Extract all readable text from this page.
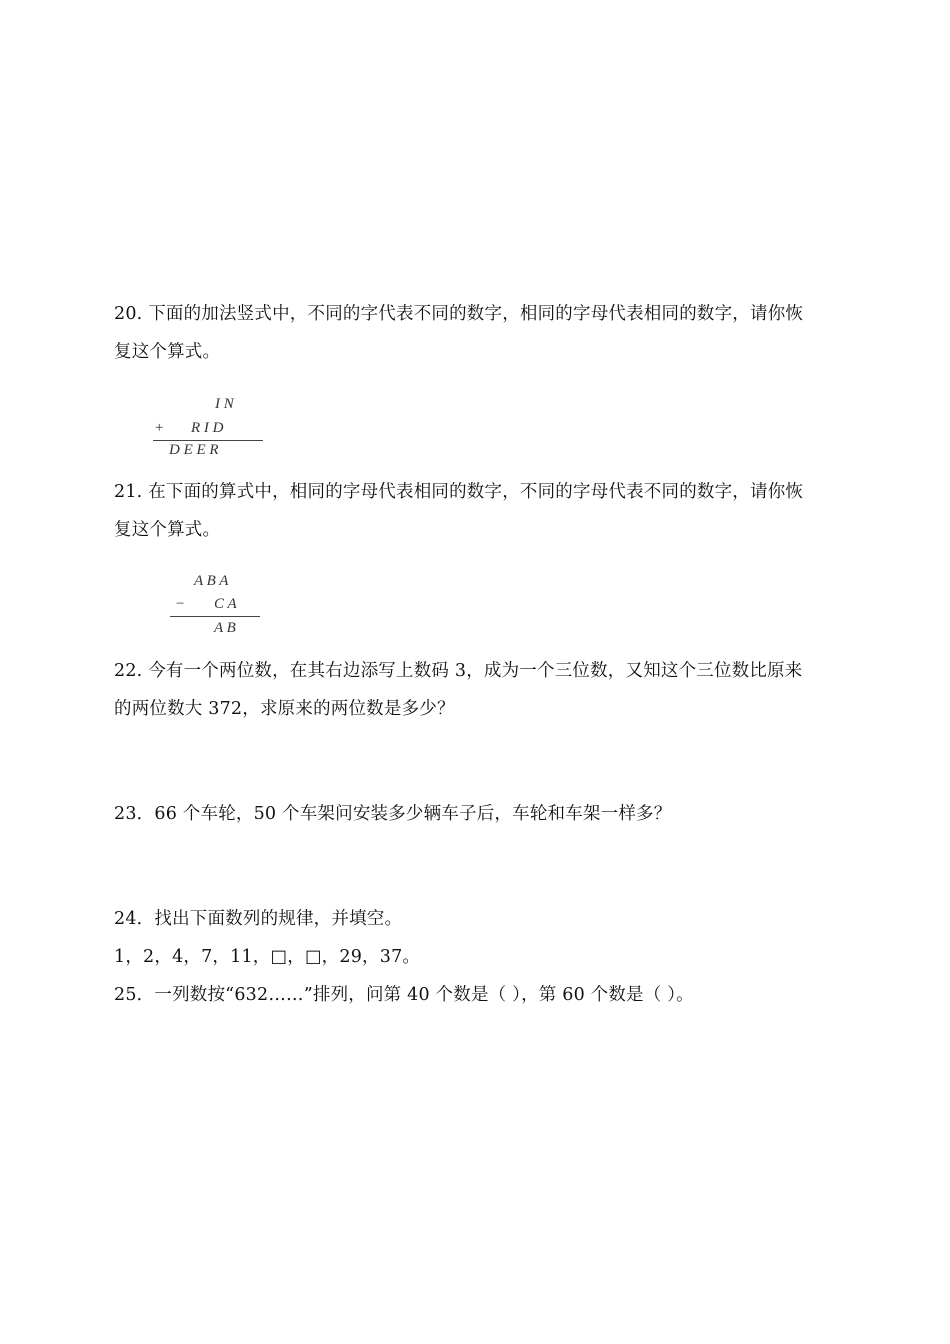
20. 下面的加法竖式中，不同的字代表不同的数字，相同的字母代表相同的数字，请你恢
复这个算式。
I N
+ R I D
D E E R
21. 在下面的算式中，相同的字母代表相同的数字，不同的字母代表不同的数字，请你恢
复这个算式。
A B A
− C A
A B
22. 今有一个两位数，在其右边添写上数码 3，成为一个三位数，又知这个三位数比原来
的两位数大 372，求原来的两位数是多少？
23．66 个车轮，50 个车架问安装多少辆车子后，车轮和车架一样多？
24．找出下面数列的规律，并填空。
1，2，4，7，11，□，□，29，37。
25．一列数按“632……”排列，问第 40 个数是（ ），第 60 个数是（ ）。
